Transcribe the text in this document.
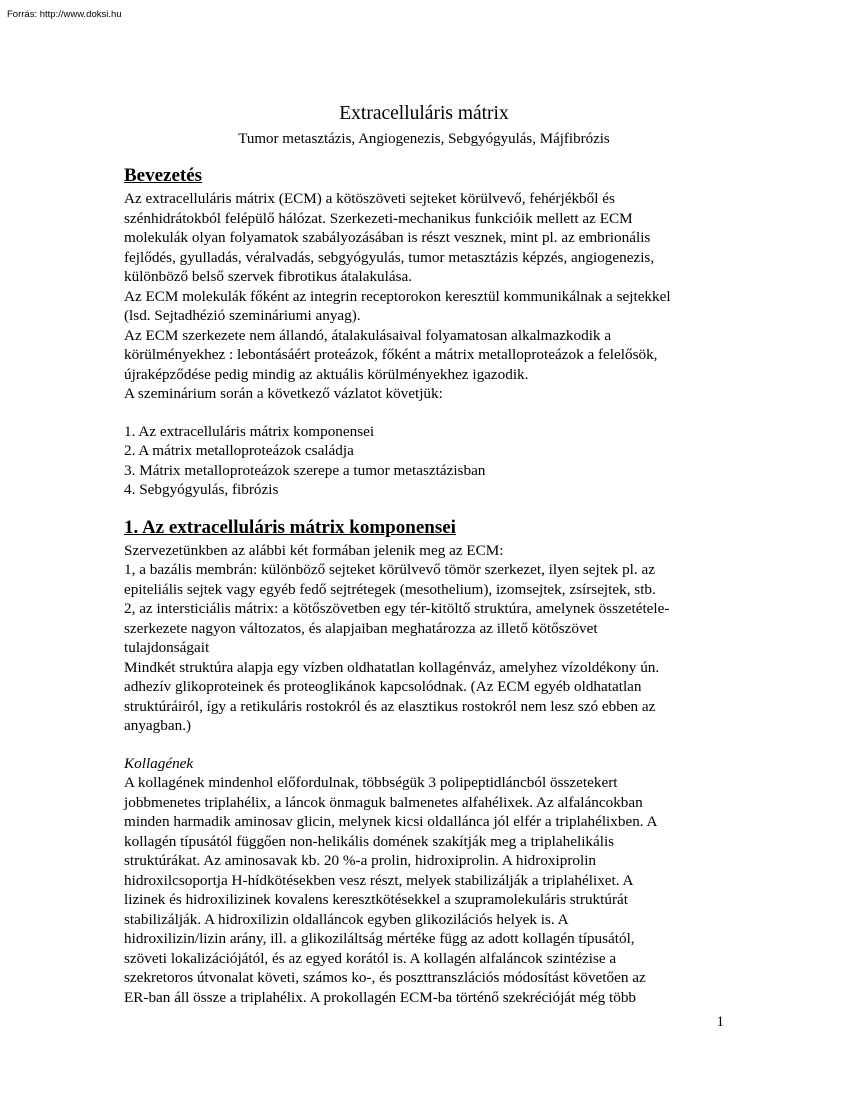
Forrás: http://www.doksi.hu
Extracelluláris mátrix
Tumor metasztázis, Angiogenezis, Sebgyógyulás, Májfibrózis
Bevezetés
Az extracelluláris mátrix (ECM) a kötöszöveti sejteket körülvevő, fehérjékből és
szénhidrátokból felépülő hálózat. Szerkezeti-mechanikus funkcióik mellett az ECM
molekulák olyan folyamatok szabályozásában is részt vesznek, mint pl. az embrionális
fejlődés, gyulladás, véralvadás, sebgyógyulás, tumor metasztázis képzés, angiogenezis,
különböző belső szervek fibrotikus átalakulása.
Az ECM molekulák főként az integrin receptorokon keresztül kommunikálnak a sejtekkel
(lsd. Sejtadhézió szemináriumi anyag).
Az ECM szerkezete nem állandó, átalakulásaival folyamatosan alkalmazkodik a
körülményekhez : lebontásáért proteázok, főként a mátrix metalloproteázok a felelősök,
újraképződése pedig mindig az aktuális körülményekhez igazodik.
A szeminárium során a következő vázlatot követjük:
1. Az extracelluláris mátrix komponensei
2. A mátrix metalloproteázok családja
3. Mátrix metalloproteázok szerepe a tumor metasztázisban
4. Sebgyógyulás, fibrózis
1. Az extracelluláris mátrix komponensei
Szervezetünkben az alábbi két formában jelenik meg az ECM:
1, a bazális membrán: különböző sejteket körülvevő tömör szerkezet, ilyen sejtek pl. az
epiteliális sejtek vagy egyéb fedő sejtrétegek (mesothelium), izomsejtek, zsírsejtek, stb.
2, az intersticiális mátrix: a kötőszövetben egy tér-kitöltő struktúra, amelynek összetétele-
szerkezete nagyon változatos, és alapjaiban meghatározza az illető kötőszövet
tulajdonságait
Mindkét struktúra alapja egy vízben oldhatatlan kollagénváz, amelyhez vízoldékony ún.
adhezív glikoproteinek és proteoglikánok kapcsolódnak. (Az ECM egyéb oldhatatlan
struktúráiról, így a retikuláris rostokról és az elasztikus rostokról nem lesz szó ebben az
anyagban.)
Kollagének
A kollagének mindenhol előfordulnak, többségük 3 polipeptidláncból összetekert
jobbmenetes triplahélix, a láncok önmaguk balmenetes alfahélixek. Az alfaláncokban
minden harmadik aminosav glicin, melynek kicsi oldallánca jól elfér a triplahélixben. A
kollagén típusától függően non-helikális domének szakítják meg a triplahelikális
struktúrákat. Az aminosavak kb. 20 %-a prolin, hidroxiprolin. A hidroxiprolin
hidroxilcsoportja H-hídkötésekben vesz részt, melyek stabilizálják a triplahélixet. A
lizinek és hidroxilizinek kovalens keresztkötésekkel a szupramolekuláris struktúrát
stabilizálják. A hidroxilizin oldalláncok egyben glikozilációs helyek is. A
hidroxilizin/lizin arány, ill. a glikoziláltság mértéke függ az adott kollagén típusától,
szöveti lokalizációjától, és az egyed korától is. A kollagén alfaláncok szintézise a
szekretoros útvonalat követi, számos ko-, és poszttranszlációs módosítást követően az
ER-ban áll össze a triplahélix. A prokollagén ECM-ba történő szekrécióját még több
1
